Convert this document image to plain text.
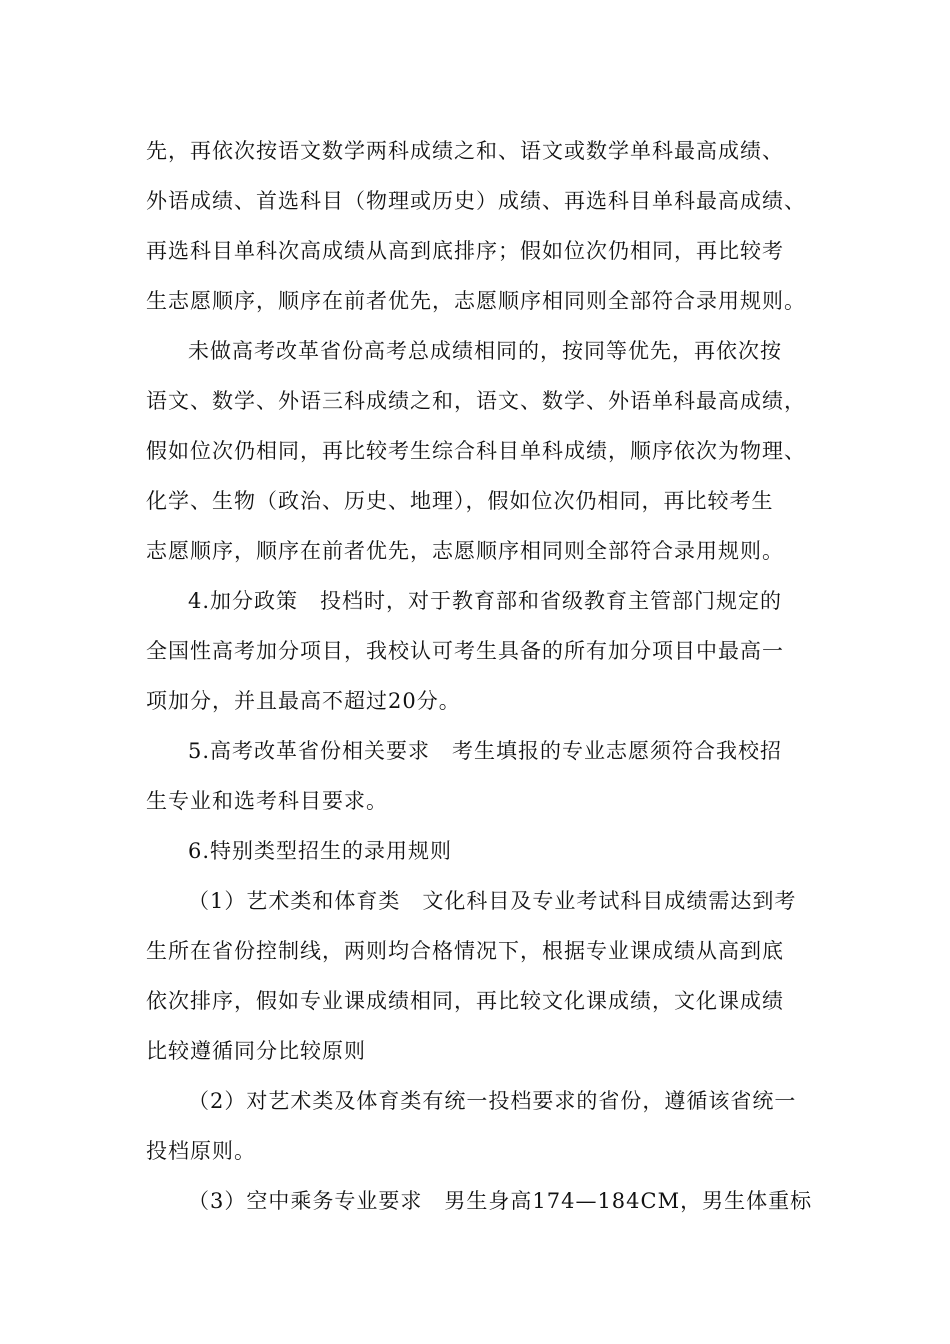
先，再依次按语文数学两科成绩之和、语文或数学单科最高成绩、
外语成绩、首选科目（物理或历史）成绩、再选科目单科最高成绩、
再选科目单科次高成绩从高到底排序；假如位次仍相同，再比较考
生志愿顺序，顺序在前者优先，志愿顺序相同则全部符合录用规则。
未做高考改革省份高考总成绩相同的，按同等优先，再依次按
语文、数学、外语三科成绩之和，语文、数学、外语单科最高成绩，
假如位次仍相同，再比较考生综合科目单科成绩，顺序依次为物理、
化学、生物（政治、历史、地理），假如位次仍相同，再比较考生
志愿顺序，顺序在前者优先，志愿顺序相同则全部符合录用规则。
4.加分政策　投档时，对于教育部和省级教育主管部门规定的
全国性高考加分项目，我校认可考生具备的所有加分项目中最高一
项加分，并且最高不超过20分。
5.高考改革省份相关要求　考生填报的专业志愿须符合我校招
生专业和选考科目要求。
6.特别类型招生的录用规则
（1）艺术类和体育类　文化科目及专业考试科目成绩需达到考
生所在省份控制线，两则均合格情况下，根据专业课成绩从高到底
依次排序，假如专业课成绩相同，再比较文化课成绩，文化课成绩
比较遵循同分比较原则
（2）对艺术类及体育类有统一投档要求的省份，遵循该省统一
投档原则。
（3）空中乘务专业要求　男生身高174—184CM，男生体重标
